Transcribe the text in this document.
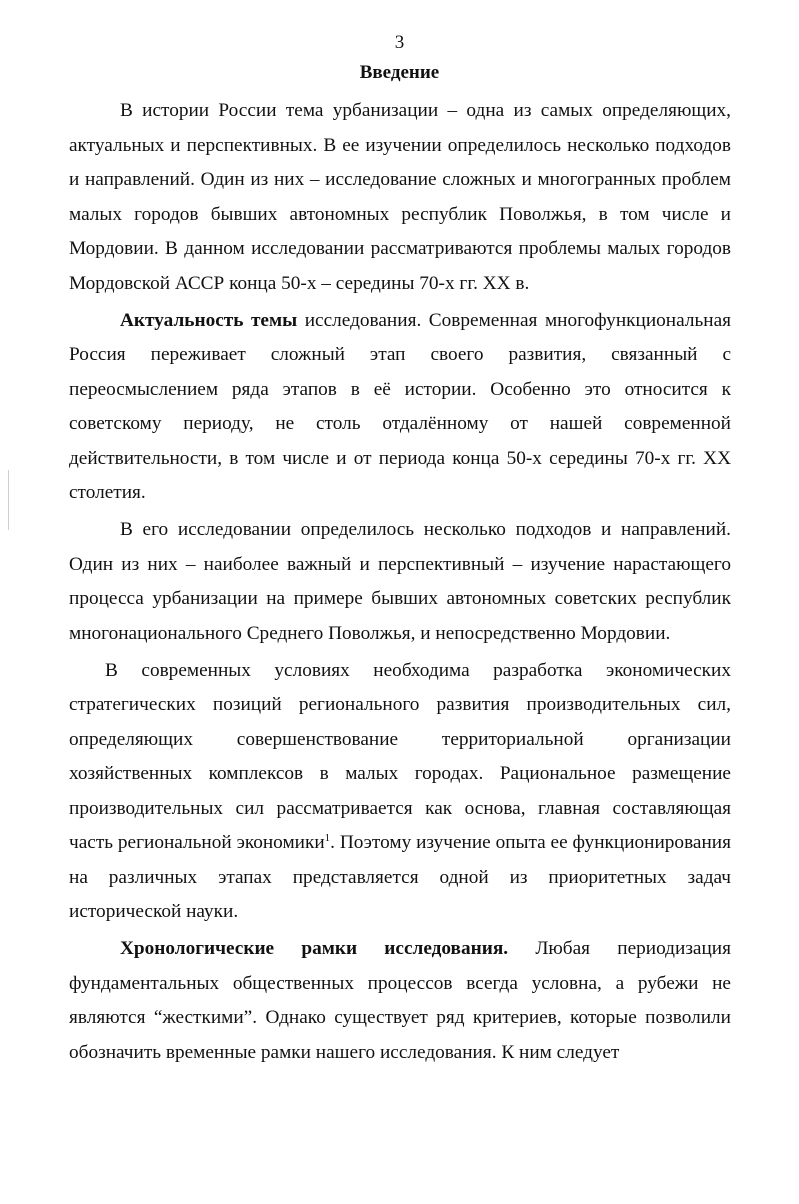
3
Введение

В истории России тема урбанизации – одна из самых определяющих, актуальных и перспективных. В ее изучении определилось несколько подходов и направлений. Один из них – исследование сложных и многогранных проблем малых городов бывших автономных республик Поволжья, в том числе и Мордовии. В данном исследовании рассматриваются проблемы малых городов Мордовской АССР конца 50-х – середины 70-х гг. XX в.

Актуальность темы исследования. Современная многофункциональная Россия переживает сложный этап своего развития, связанный с переосмыслением ряда этапов в её истории. Особенно это относится к советскому периоду, не столь отдалённому от нашей современной действительности, в том числе и от периода конца 50-х середины 70-х гг. XX столетия.

В его исследовании определилось несколько подходов и направлений. Один из них – наиболее важный и перспективный – изучение нарастающего процесса урбанизации на примере бывших автономных советских республик многонационального Среднего Поволжья, и непосредственно Мордовии.

В современных условиях необходима разработка экономических стратегических позиций регионального развития производительных сил, определяющих совершенствование территориальной организации хозяйственных комплексов в малых городах. Рациональное размещение производительных сил рассматривается как основа, главная составляющая часть региональной экономики$^1$. Поэтому изучение опыта ее функционирования на различных этапах представляется одной из приоритетных задач исторической науки.

Хронологические рамки исследования. Любая периодизация фундаментальных общественных процессов всегда условна, а рубежи не являются “жесткими”. Однако существует ряд критериев, которые позволили обозначить временные рамки нашего исследования. К ним следует
